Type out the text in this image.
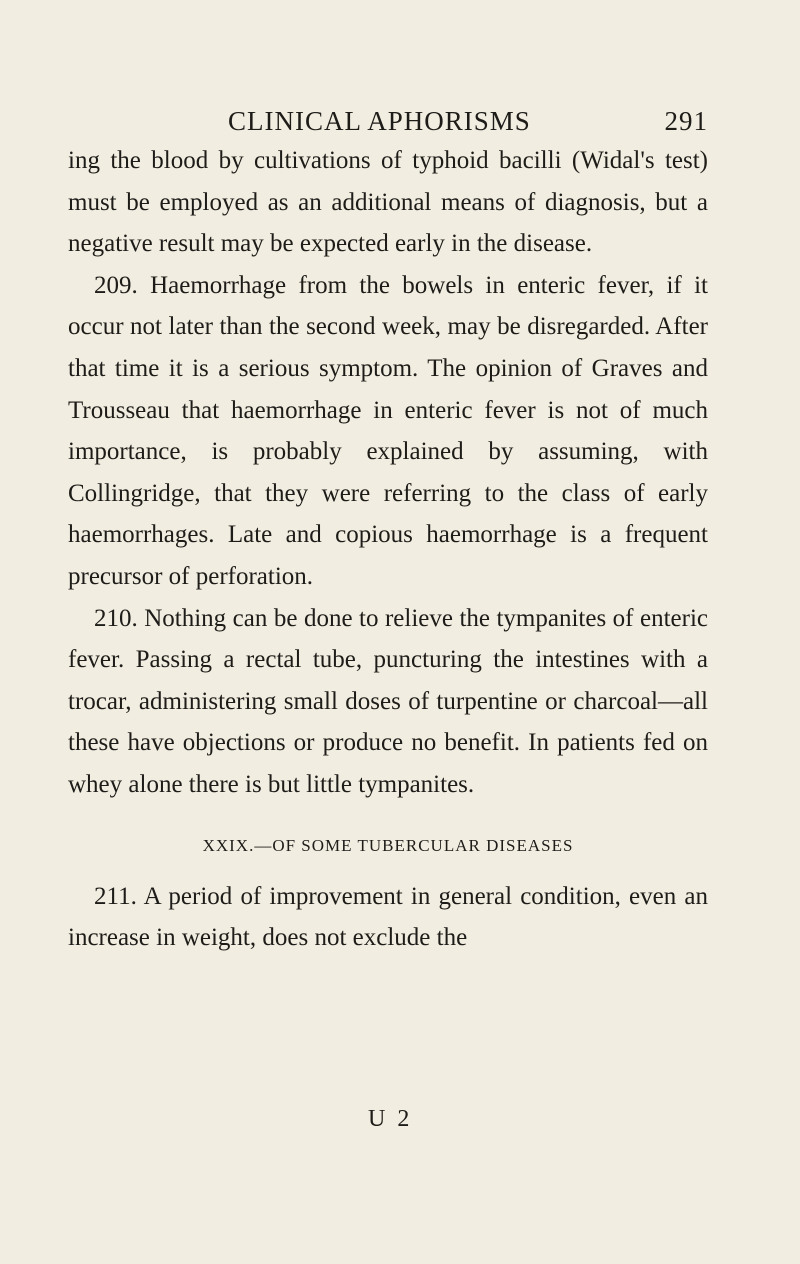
CLINICAL APHORISMS	291

ing the blood by cultivations of typhoid bacilli (Widal's test) must be employed as an additional means of diagnosis, but a negative result may be expected early in the disease.

209. Haemorrhage from the bowels in enteric fever, if it occur not later than the second week, may be disregarded. After that time it is a serious symptom. The opinion of Graves and Trousseau that haemorrhage in enteric fever is not of much importance, is probably explained by assuming, with Collingridge, that they were referring to the class of early haemorrhages. Late and copious haemorrhage is a frequent precursor of perforation.

210. Nothing can be done to relieve the tympanites of enteric fever. Passing a rectal tube, puncturing the intestines with a trocar, administering small doses of turpentine or charcoal—all these have objections or produce no benefit. In patients fed on whey alone there is but little tympanites.

XXIX.—OF SOME TUBERCULAR DISEASES

211. A period of improvement in general condition, even an increase in weight, does not exclude the

U 2
